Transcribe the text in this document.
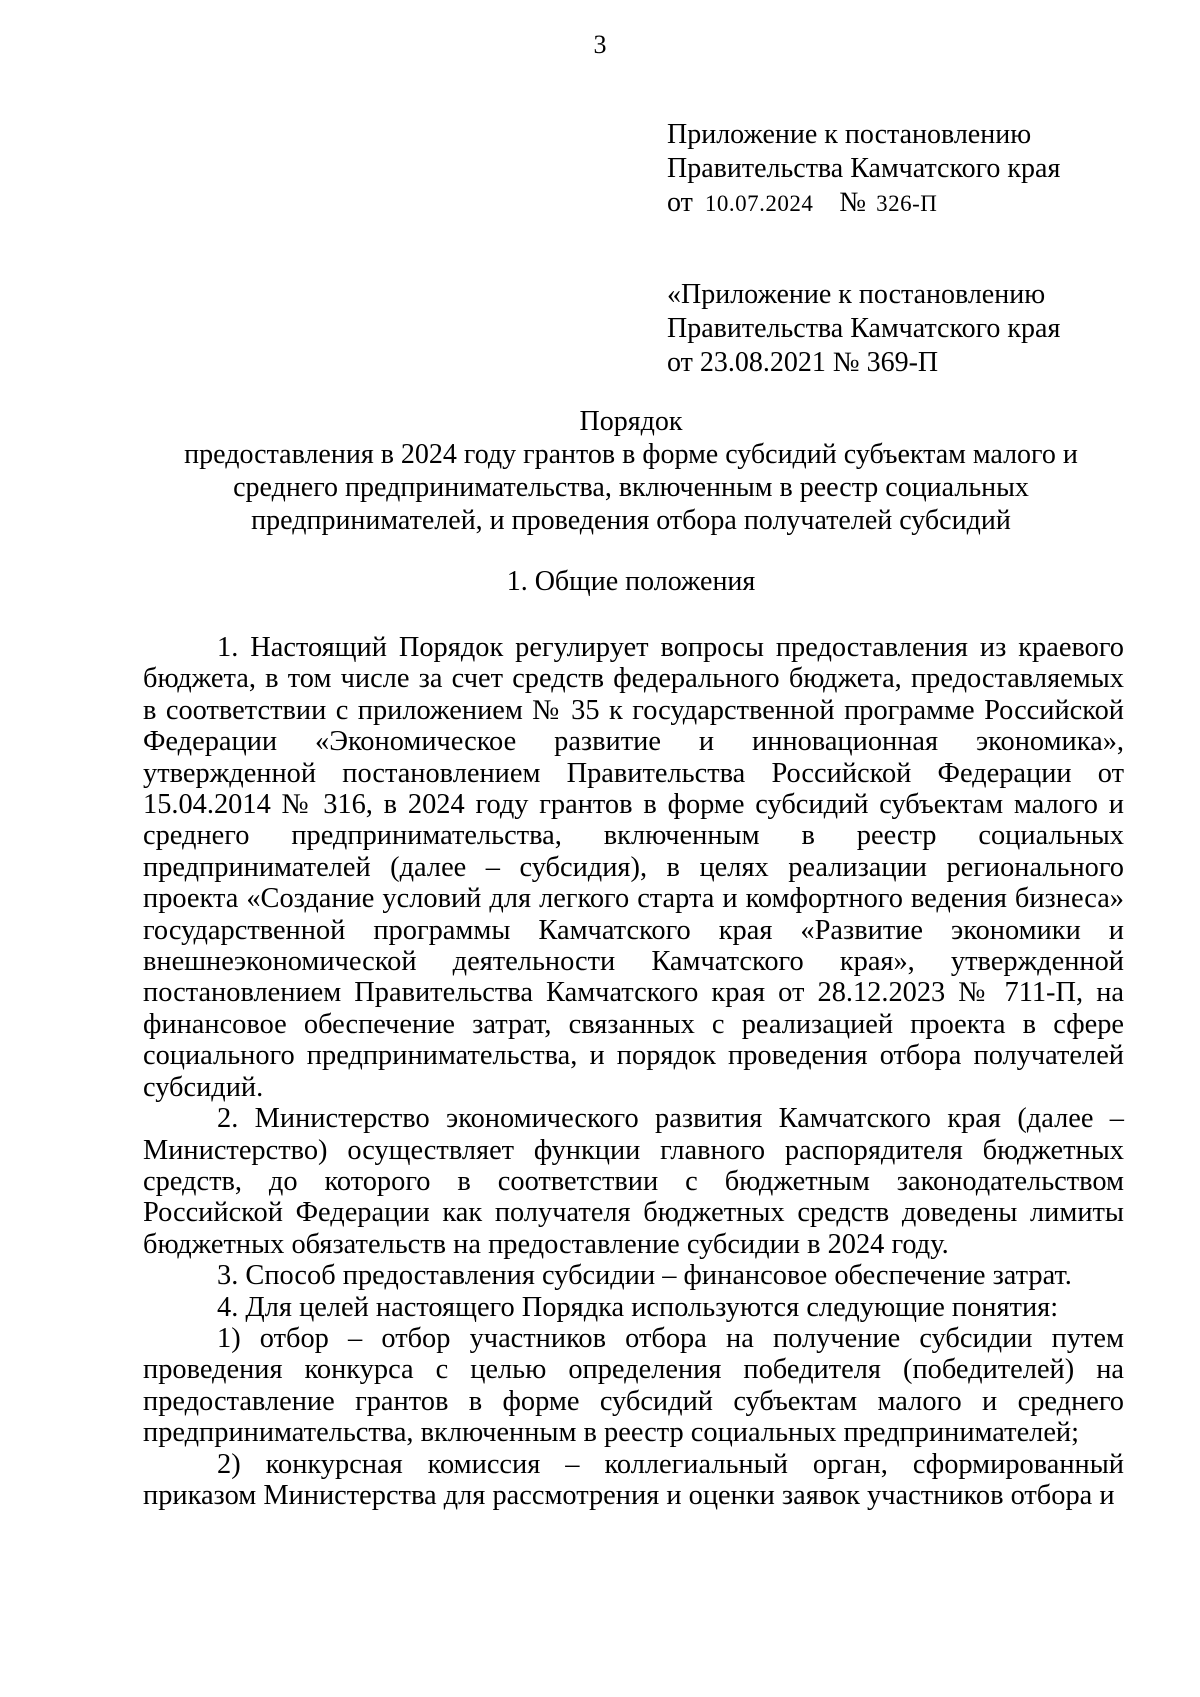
3
Приложение к постановлению
Правительства Камчатского края
от 10.07.2024 № 326-П
«Приложение к постановлению
Правительства Камчатского края
от 23.08.2021 № 369-П
Порядок
предоставления в 2024 году грантов в форме субсидий субъектам малого и
среднего предпринимательства, включенным в реестр социальных
предпринимателей, и проведения отбора получателей субсидий
1. Общие положения

1. Настоящий Порядок регулирует вопросы предоставления из краевого бюджета, в том числе за счет средств федерального бюджета, предоставляемых в соответствии с приложением № 35 к государственной программе Российской Федерации «Экономическое развитие и инновационная экономика», утвержденной постановлением Правительства Российской Федерации от 15.04.2014 № 316, в 2024 году грантов в форме субсидий субъектам малого и среднего предпринимательства, включенным в реестр социальных предпринимателей (далее – субсидия), в целях реализации регионального проекта «Создание условий для легкого старта и комфортного ведения бизнеса» государственной программы Камчатского края «Развитие экономики и внешнеэкономической деятельности Камчатского края», утвержденной постановлением Правительства Камчатского края от 28.12.2023 № 711-П, на финансовое обеспечение затрат, связанных с реализацией проекта в сфере социального предпринимательства, и порядок проведения отбора получателей субсидий.

2. Министерство экономического развития Камчатского края (далее – Министерство) осуществляет функции главного распорядителя бюджетных средств, до которого в соответствии с бюджетным законодательством Российской Федерации как получателя бюджетных средств доведены лимиты бюджетных обязательств на предоставление субсидии в 2024 году.

3. Способ предоставления субсидии – финансовое обеспечение затрат.

4. Для целей настоящего Порядка используются следующие понятия:

1) отбор – отбор участников отбора на получение субсидии путем проведения конкурса с целью определения победителя (победителей) на предоставление грантов в форме субсидий субъектам малого и среднего предпринимательства, включенным в реестр социальных предпринимателей;

2) конкурсная комиссия – коллегиальный орган, сформированный приказом Министерства для рассмотрения и оценки заявок участников отбора и
